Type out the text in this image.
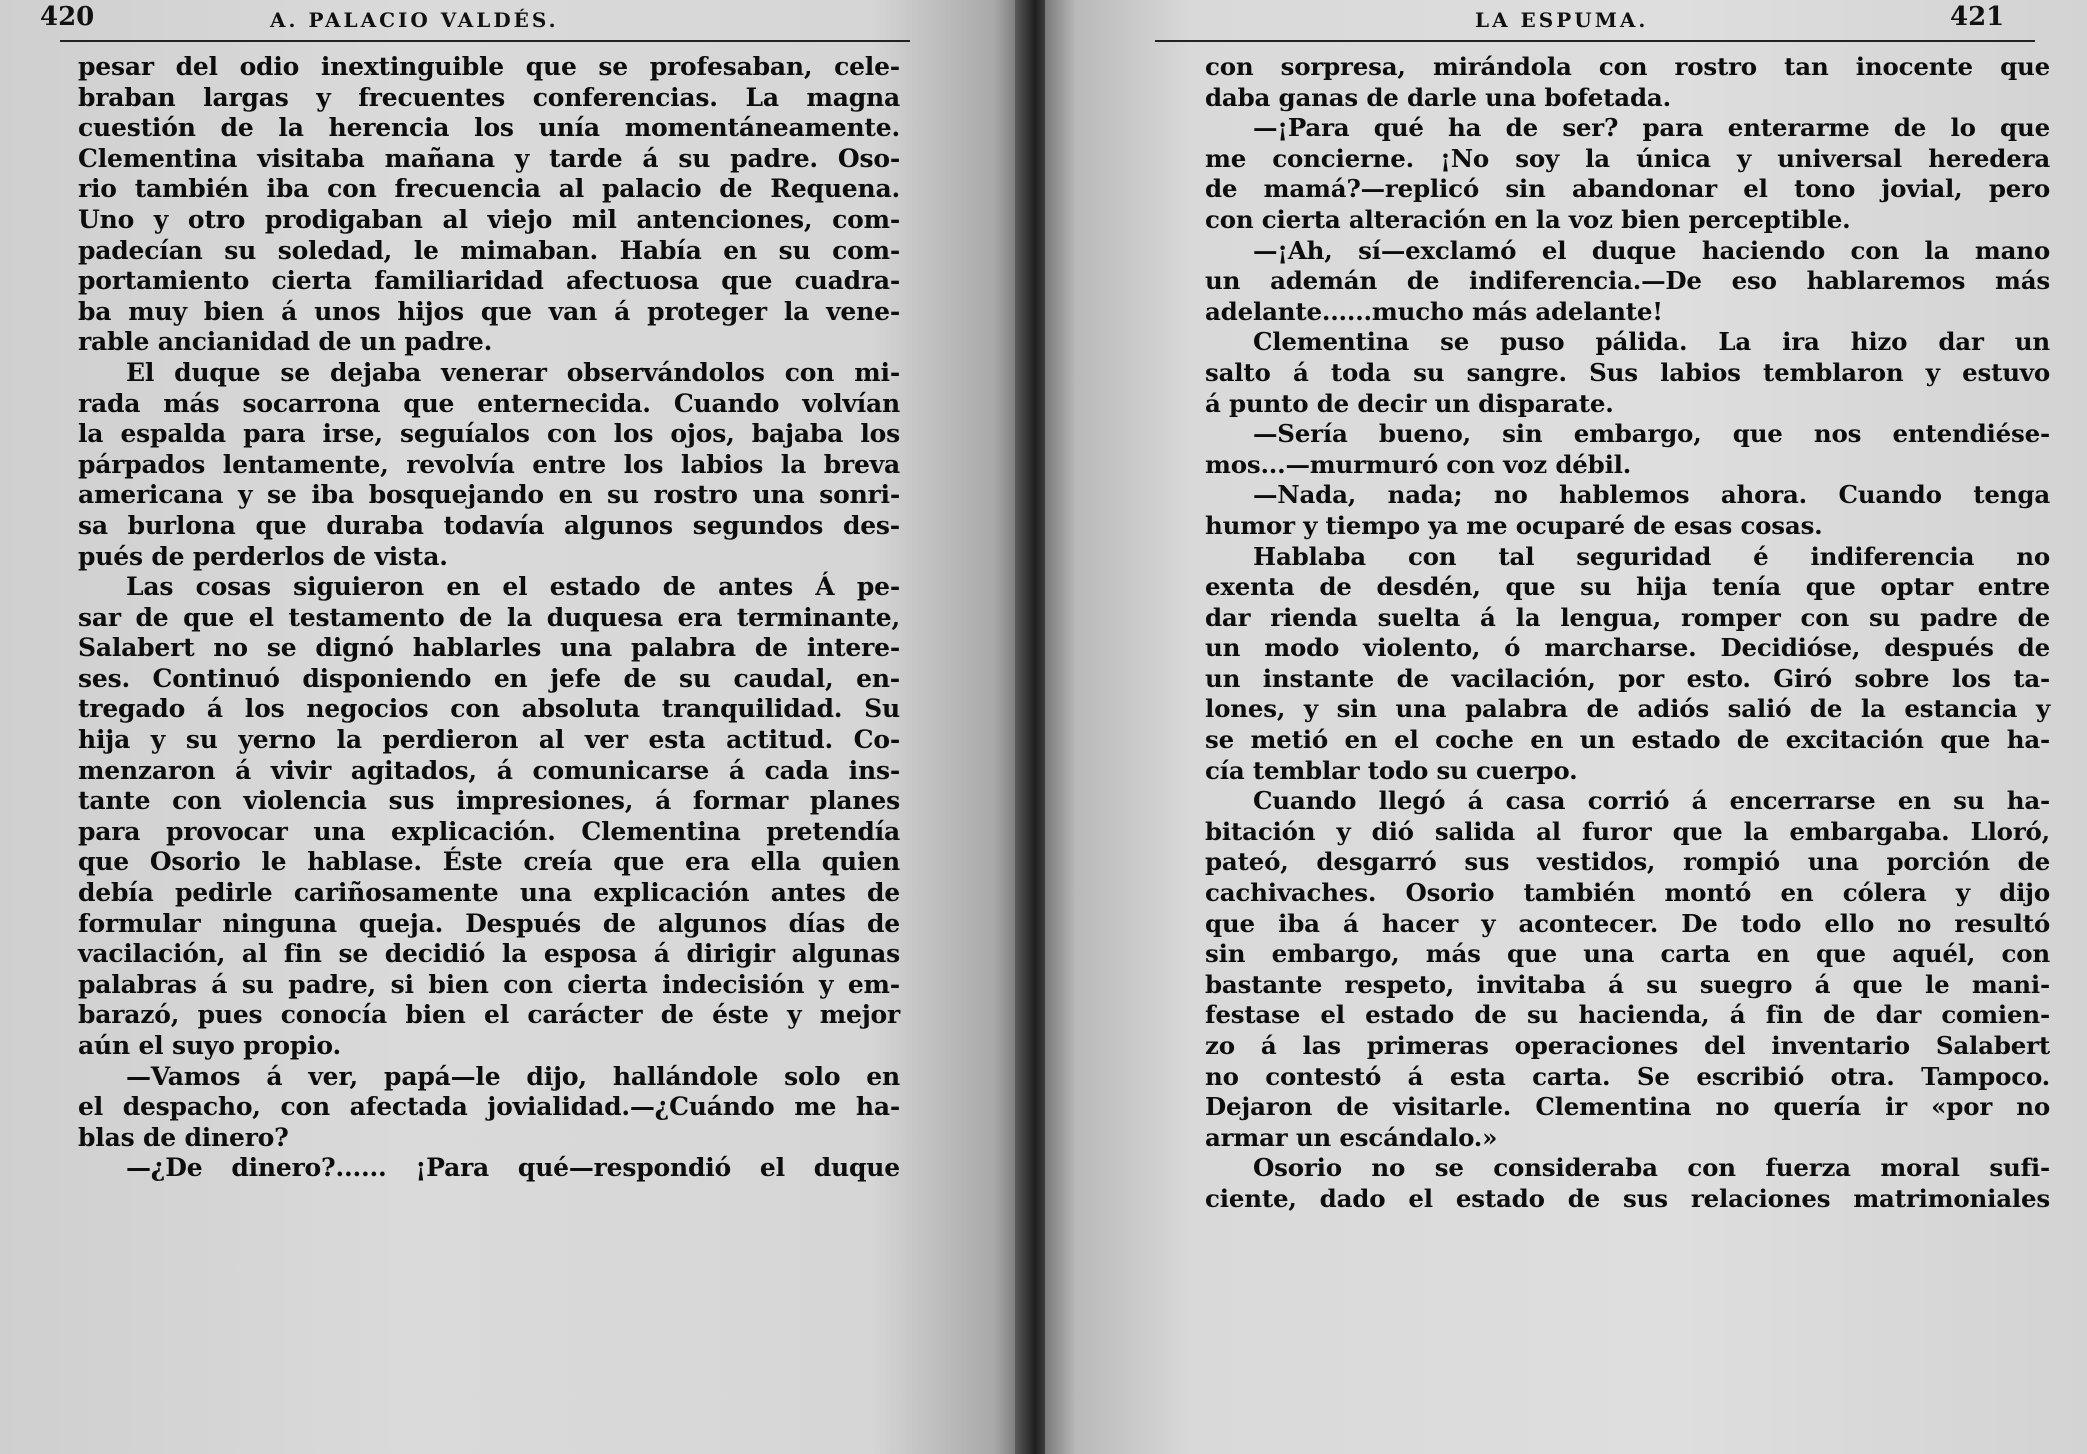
420	A. PALACIO VALDÉS.
pesar del odio inextinguible que se profesaban, cele-
braban largas y frecuentes conferencias. La magna
cuestión de la herencia los unía momentáneamente.
Clementina visitaba mañana y tarde á su padre. Oso-
rio también iba con frecuencia al palacio de Requena.
Uno y otro prodigaban al viejo mil antenciones, com-
padecían su soledad, le mimaban. Había en su com-
portamiento cierta familiaridad afectuosa que cuadra-
ba muy bien á unos hijos que van á proteger la vene-
rable ancianidad de un padre.
El duque se dejaba venerar observándolos con mi-
rada más socarrona que enternecida. Cuando volvían
la espalda para irse, seguíalos con los ojos, bajaba los
párpados lentamente, revolvía entre los labios la breva
americana y se iba bosquejando en su rostro una sonri-
sa burlona que duraba todavía algunos segundos des-
pués de perderlos de vista.
Las cosas siguieron en el estado de antes Á pe-
sar de que el testamento de la duquesa era terminante,
Salabert no se dignó hablarles una palabra de intere-
ses. Continuó disponiendo en jefe de su caudal, en-
tregado á los negocios con absoluta tranquilidad. Su
hija y su yerno la perdieron al ver esta actitud. Co-
menzaron á vivir agitados, á comunicarse á cada ins-
tante con violencia sus impresiones, á formar planes
para provocar una explicación. Clementina pretendía
que Osorio le hablase. Éste creía que era ella quien
debía pedirle cariñosamente una explicación antes de
formular ninguna queja. Después de algunos días de
vacilación, al fin se decidió la esposa á dirigir algunas
palabras á su padre, si bien con cierta indecisión y em-
barazó, pues conocía bien el carácter de éste y mejor
aún el suyo propio.
—Vamos á ver, papá—le dijo, hallándole solo en
el despacho, con afectada jovialidad.—¿Cuándo me ha-
blas de dinero?
—¿De dinero?...... ¡Para qué—respondió el duque
LA ESPUMA.	421
con sorpresa, mirándola con rostro tan inocente que
daba ganas de darle una bofetada.
—¡Para qué ha de ser? para enterarme de lo que
me concierne. ¡No soy la única y universal heredera
de mamá?—replicó sin abandonar el tono jovial, pero
con cierta alteración en la voz bien perceptible.
—¡Ah, sí—exclamó el duque haciendo con la mano
un ademán de indiferencia.—De eso hablaremos más
adelante......mucho más adelante!
Clementina se puso pálida. La ira hizo dar un
salto á toda su sangre. Sus labios temblaron y estuvo
á punto de decir un disparate.
—Sería bueno, sin embargo, que nos entendiése-
mos...—murmuró con voz débil.
—Nada, nada; no hablemos ahora. Cuando tenga
humor y tiempo ya me ocuparé de esas cosas.
Hablaba con tal seguridad é indiferencia no
exenta de desdén, que su hija tenía que optar entre
dar rienda suelta á la lengua, romper con su padre de
un modo violento, ó marcharse. Decidióse, después de
un instante de vacilación, por esto. Giró sobre los ta-
lones, y sin una palabra de adiós salió de la estancia y
se metió en el coche en un estado de excitación que ha-
cía temblar todo su cuerpo.
Cuando llegó á casa corrió á encerrarse en su ha-
bitación y dió salida al furor que la embargaba. Lloró,
pateó, desgarró sus vestidos, rompió una porción de
cachivaches. Osorio también montó en cólera y dijo
que iba á hacer y acontecer. De todo ello no resultó
sin embargo, más que una carta en que aquél, con
bastante respeto, invitaba á su suegro á que le mani-
festase el estado de su hacienda, á fin de dar comien-
zo á las primeras operaciones del inventario Salabert
no contestó á esta carta. Se escribió otra. Tampoco.
Dejaron de visitarle. Clementina no quería ir «por no
armar un escándalo.»
Osorio no se consideraba con fuerza moral sufi-
ciente, dado el estado de sus relaciones matrimoniales
